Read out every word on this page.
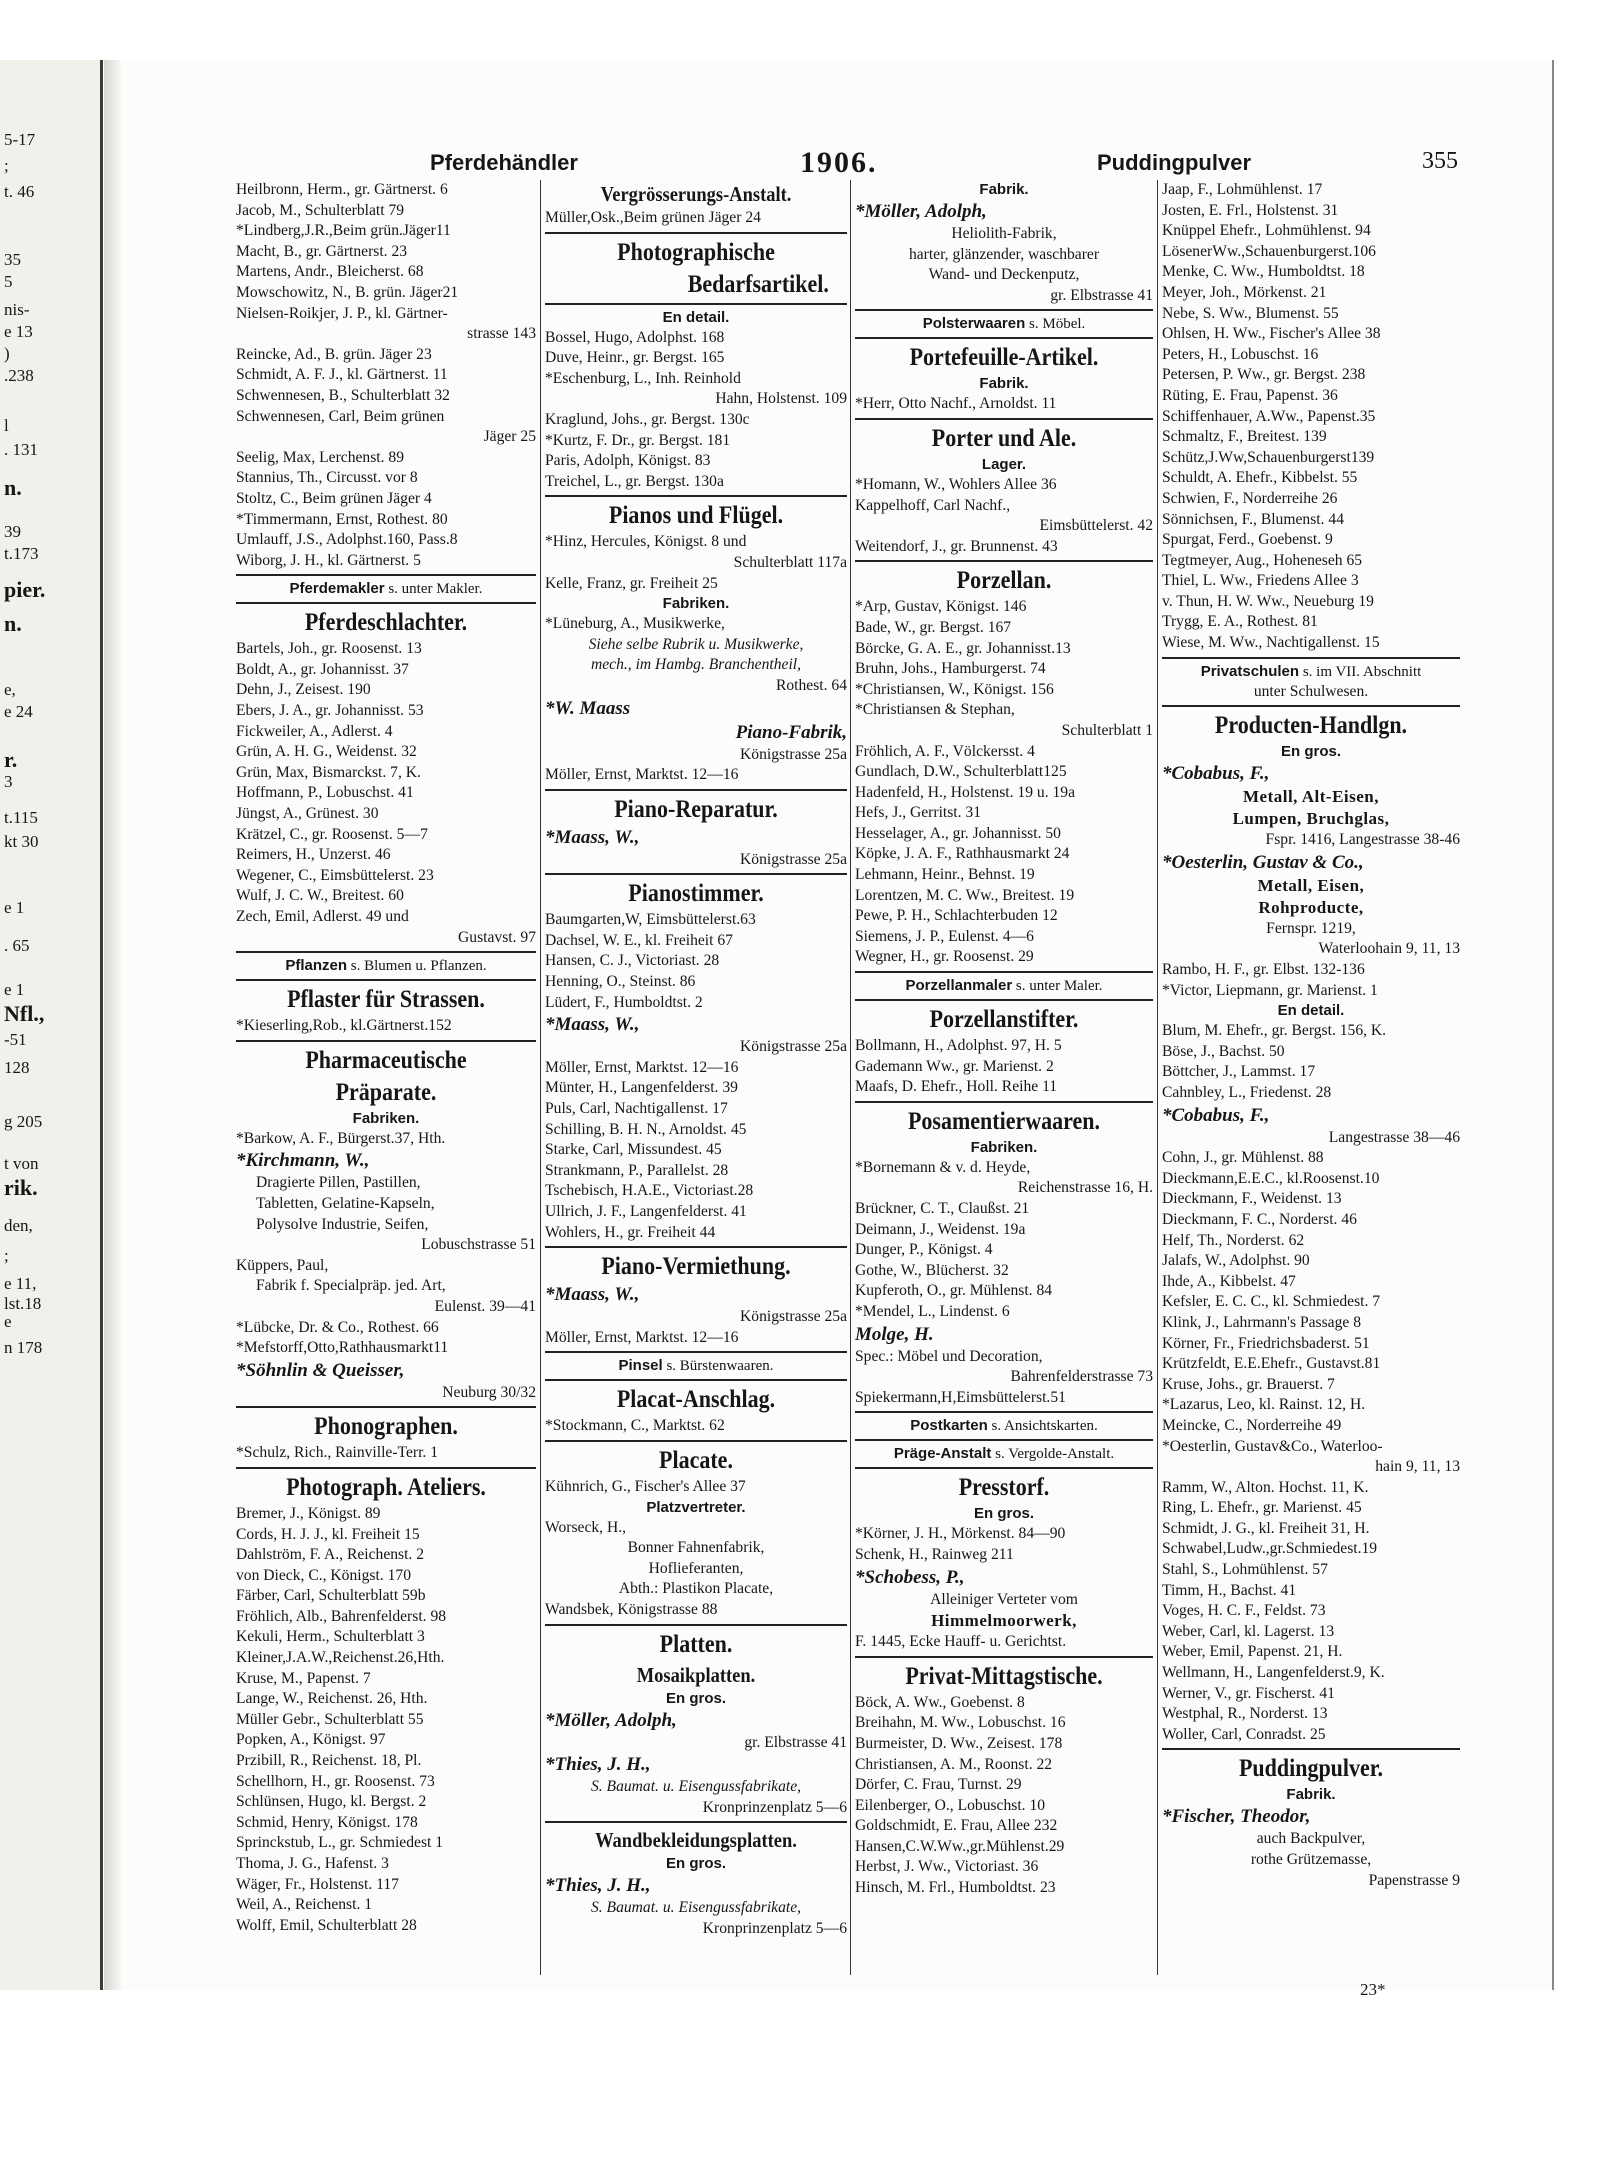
5-17
;
t. 46
35
5
nis-
e 13
)
.238
l
. 131
n.
39
t.173
pier.
n.
e,
e 24
r.
3
t.115
kt 30
e 1
. 65
e 1
Nfl.,
-51
128
g 205
t von
rik.
den,
;
e 11,
lst.18
e
n 178
Pferdehändler	1906.	Puddingpulver	355
Heilbronn, Herm., gr. Gärtnerst. 6
Jacob, M., Schulterblatt 79
*Lindberg,J.R.,Beim grün.Jäger11
Macht, B., gr. Gärtnerst. 23
Martens, Andr., Bleicherst. 68
Mowschowitz, N., B. grün. Jäger21
Nielsen-Roikjer, J. P., kl. Gärtner-
strasse 143
Reincke, Ad., B. grün. Jäger 23
Schmidt, A. F. J., kl. Gärtnerst. 11
Schwennesen, B., Schulterblatt 32
Schwennesen, Carl, Beim grünen
Jäger 25
Seelig, Max, Lerchenst. 89
Stannius, Th., Circusst. vor 8
Stoltz, C., Beim grünen Jäger 4
*Timmermann, Ernst, Rothest. 80
Umlauff, J.S., Adolphst.160, Pass.8
Wiborg, J. H., kl. Gärtnerst. 5
Pferdemakler s. unter Makler.
Pferdeschlachter.
Bartels, Joh., gr. Roosenst. 13
Boldt, A., gr. Johannisst. 37
Dehn, J., Zeisest. 190
Ebers, J. A., gr. Johannisst. 53
Fickweiler, A., Adlerst. 4
Grün, A. H. G., Weidenst. 32
Grün, Max, Bismarckst. 7, K.
Hoffmann, P., Lobuschst. 41
Jüngst, A., Grünest. 30
Krätzel, C., gr. Roosenst. 5—7
Reimers, H., Unzerst. 46
Wegener, C., Eimsbüttelerst. 23
Wulf, J. C. W., Breitest. 60
Zech, Emil, Adlerst. 49 und
Gustavst. 97
Pflanzen s. Blumen u. Pflanzen.
Pflaster für Strassen.
*Kieserling,Rob., kl.Gärtnerst.152
Pharmaceutische
Präparate.
Fabriken.
*Barkow, A. F., Bürgerst.37, Hth.
*Kirchmann, W.,
Dragierte Pillen, Pastillen,
Tabletten, Gelatine-Kapseln,
Polysolve Industrie, Seifen,
Lobuschstrasse 51
Küppers, Paul,
Fabrik f. Specialpräp. jed. Art,
Eulenst. 39—41
*Lübcke, Dr. & Co., Rothest. 66
*Mefstorff,Otto,Rathhausmarkt11
*Söhnlin & Queisser,
Neuburg 30/32
Phonographen.
*Schulz, Rich., Rainville-Terr. 1
Photograph. Ateliers.
Bremer, J., Königst. 89
Cords, H. J. J., kl. Freiheit 15
Dahlström, F. A., Reichenst. 2
von Dieck, C., Königst. 170
Färber, Carl, Schulterblatt 59b
Fröhlich, Alb., Bahrenfelderst. 98
Kekuli, Herm., Schulterblatt 3
Kleiner,J.A.W.,Reichenst.26,Hth.
Kruse, M., Papenst. 7
Lange, W., Reichenst. 26, Hth.
Müller Gebr., Schulterblatt 55
Popken, A., Königst. 97
Przibill, R., Reichenst. 18, Pl.
Schellhorn, H., gr. Roosenst. 73
Schlünsen, Hugo, kl. Bergst. 2
Schmid, Henry, Königst. 178
Sprinckstub, L., gr. Schmiedest 1
Thoma, J. G., Hafenst. 3
Wäger, Fr., Holstenst. 117
Weil, A., Reichenst. 1
Wolff, Emil, Schulterblatt 28
Vergrösserungs-Anstalt.
Müller,Osk.,Beim grünen Jäger 24
Photographische
Bedarfsartikel.
En detail.
Bossel, Hugo, Adolphst. 168
Duve, Heinr., gr. Bergst. 165
*Eschenburg, L., Inh. Reinhold
Hahn, Holstenst. 109
Kraglund, Johs., gr. Bergst. 130c
*Kurtz, F. Dr., gr. Bergst. 181
Paris, Adolph, Königst. 83
Treichel, L., gr. Bergst. 130a
Pianos und Flügel.
*Hinz, Hercules, Königst. 8 und
Schulterblatt 117a
Kelle, Franz, gr. Freiheit 25
Fabriken.
*Lüneburg, A., Musikwerke,
Siehe selbe Rubrik u. Musikwerke,
mech., im Hambg. Branchentheil,
Rothest. 64
*W. Maass
Piano-Fabrik,
Königstrasse 25a
Möller, Ernst, Marktst. 12—16
Piano-Reparatur.
*Maass, W.,
Königstrasse 25a
Pianostimmer.
Baumgarten,W, Eimsbüttelerst.63
Dachsel, W. E., kl. Freiheit 67
Hansen, C. J., Victoriast. 28
Henning, O., Steinst. 86
Lüdert, F., Humboldtst. 2
*Maass, W.,
Königstrasse 25a
Möller, Ernst, Marktst. 12—16
Münter, H., Langenfelderst. 39
Puls, Carl, Nachtigallenst. 17
Schilling, B. H. N., Arnoldst. 45
Starke, Carl, Missundest. 45
Strankmann, P., Parallelst. 28
Tschebisch, H.A.E., Victoriast.28
Ullrich, J. F., Langenfelderst. 41
Wohlers, H., gr. Freiheit 44
Piano-Vermiethung.
*Maass, W.,
Königstrasse 25a
Möller, Ernst, Marktst. 12—16
Pinsel s. Bürstenwaaren.
Placat-Anschlag.
*Stockmann, C., Marktst. 62
Placate.
Kühnrich, G., Fischer's Allee 37
Platzvertreter.
Worseck, H.,
Bonner Fahnenfabrik,
Hoflieferanten,
Abth.: Plastikon Placate,
Wandsbek, Königstrasse 88
Platten.
Mosaikplatten.
En gros.
*Möller, Adolph,
gr. Elbstrasse 41
*Thies, J. H.,
S. Baumat. u. Eisengussfabrikate,
Kronprinzenplatz 5—6
Wandbekleidungsplatten.
En gros.
*Thies, J. H.,
S. Baumat. u. Eisengussfabrikate,
Kronprinzenplatz 5—6
Fabrik.
*Möller, Adolph,
Heliolith-Fabrik,
harter, glänzender, waschbarer
Wand- und Deckenputz,
gr. Elbstrasse 41
Polsterwaaren s. Möbel.
Portefeuille-Artikel.
Fabrik.
*Herr, Otto Nachf., Arnoldst. 11
Porter und Ale.
Lager.
*Homann, W., Wohlers Allee 36
Kappelhoff, Carl Nachf.,
Eimsbüttelerst. 42
Weitendorf, J., gr. Brunnenst. 43
Porzellan.
*Arp, Gustav, Königst. 146
Bade, W., gr. Bergst. 167
Börcke, G. A. E., gr. Johannisst.13
Bruhn, Johs., Hamburgerst. 74
*Christiansen, W., Königst. 156
*Christiansen & Stephan,
Schulterblatt 1
Fröhlich, A. F., Völckersst. 4
Gundlach, D.W., Schulterblatt125
Hadenfeld, H., Holstenst. 19 u. 19a
Hefs, J., Gerritst. 31
Hesselager, A., gr. Johannisst. 50
Köpke, J. A. F., Rathhausmarkt 24
Lehmann, Heinr., Behnst. 19
Lorentzen, M. C. Ww., Breitest. 19
Pewe, P. H., Schlachterbuden 12
Siemens, J. P., Eulenst. 4—6
Wegner, H., gr. Roosenst. 29
Porzellanmaler s. unter Maler.
Porzellanstifter.
Bollmann, H., Adolphst. 97, H. 5
Gademann Ww., gr. Marienst. 2
Maafs, D. Ehefr., Holl. Reihe 11
Posamentierwaaren.
Fabriken.
*Bornemann & v. d. Heyde,
Reichenstrasse 16, H.
Brückner, C. T., Claußst. 21
Deimann, J., Weidenst. 19a
Dunger, P., Königst. 4
Gothe, W., Blücherst. 32
Kupferoth, O., gr. Mühlenst. 84
*Mendel, L., Lindenst. 6
Molge, H.
Spec.: Möbel und Decoration,
Bahrenfelderstrasse 73
Spiekermann,H,Eimsbüttelerst.51
Postkarten s. Ansichtskarten.
Präge-Anstalt s. Vergolde-Anstalt.
Presstorf.
En gros.
*Körner, J. H., Mörkenst. 84—90
Schenk, H., Rainweg 211
*Schobess, P.,
Alleiniger Verteter vom
Himmelmoorwerk,
F. 1445, Ecke Hauff- u. Gerichtst.
Privat-Mittagstische.
Böck, A. Ww., Goebenst. 8
Breihahn, M. Ww., Lobuschst. 16
Burmeister, D. Ww., Zeisest. 178
Christiansen, A. M., Roonst. 22
Dörfer, C. Frau, Turnst. 29
Eilenberger, O., Lobuschst. 10
Goldschmidt, E. Frau, Allee 232
Hansen,C.W.Ww.,gr.Mühlenst.29
Herbst, J. Ww., Victoriast. 36
Hinsch, M. Frl., Humboldtst. 23
Jaap, F., Lohmühlenst. 17
Josten, E. Frl., Holstenst. 31
Knüppel Ehefr., Lohmühlenst. 94
LösenerWw.,Schauenburgerst.106
Menke, C. Ww., Humboldtst. 18
Meyer, Joh., Mörkenst. 21
Nebe, S. Ww., Blumenst. 55
Ohlsen, H. Ww., Fischer's Allee 38
Peters, H., Lobuschst. 16
Petersen, P. Ww., gr. Bergst. 238
Rüting, E. Frau, Papenst. 36
Schiffenhauer, A.Ww., Papenst.35
Schmaltz, F., Breitest. 139
Schütz,J.Ww,Schauenburgerst139
Schuldt, A. Ehefr., Kibbelst. 55
Schwien, F., Norderreihe 26
Sönnichsen, F., Blumenst. 44
Spurgat, Ferd., Goebenst. 9
Tegtmeyer, Aug., Hoheneseh 65
Thiel, L. Ww., Friedens Allee 3
v. Thun, H. W. Ww., Neueburg 19
Trygg, E. A., Rothest. 81
Wiese, M. Ww., Nachtigallenst. 15
Privatschulen s. im VII. Abschnitt
unter Schulwesen.
Producten-Handlgn.
En gros.
*Cobabus, F.,
Metall, Alt-Eisen,
Lumpen, Bruchglas,
Fspr. 1416, Langestrasse 38-46
*Oesterlin, Gustav & Co.,
Metall, Eisen,
Rohproducte,
Fernspr. 1219,
Waterloohain 9, 11, 13
Rambo, H. F., gr. Elbst. 132-136
*Victor, Liepmann, gr. Marienst. 1
En detail.
Blum, M. Ehefr., gr. Bergst. 156, K.
Böse, J., Bachst. 50
Böttcher, J., Lammst. 17
Cahnbley, L., Friedenst. 28
*Cobabus, F.,
Langestrasse 38—46
Cohn, J., gr. Mühlenst. 88
Dieckmann,E.E.C., kl.Roosenst.10
Dieckmann, F., Weidenst. 13
Dieckmann, F. C., Norderst. 46
Helf, Th., Norderst. 62
Jalafs, W., Adolphst. 90
Ihde, A., Kibbelst. 47
Kefsler, E. C. C., kl. Schmiedest. 7
Klink, J., Lahrmann's Passage 8
Körner, Fr., Friedrichsbaderst. 51
Krützfeldt, E.E.Ehefr., Gustavst.81
Kruse, Johs., gr. Brauerst. 7
*Lazarus, Leo, kl. Rainst. 12, H.
Meincke, C., Norderreihe 49
*Oesterlin, Gustav&Co., Waterloo-
hain 9, 11, 13
Ramm, W., Alton. Hochst. 11, K.
Ring, L. Ehefr., gr. Marienst. 45
Schmidt, J. G., kl. Freiheit 31, H.
Schwabel,Ludw.,gr.Schmiedest.19
Stahl, S., Lohmühlenst. 57
Timm, H., Bachst. 41
Voges, H. C. F., Feldst. 73
Weber, Carl, kl. Lagerst. 13
Weber, Emil, Papenst. 21, H.
Wellmann, H., Langenfelderst.9, K.
Werner, V., gr. Fischerst. 41
Westphal, R., Norderst. 13
Woller, Carl, Conradst. 25
Puddingpulver.
Fabrik.
*Fischer, Theodor,
auch Backpulver,
rothe Grützemasse,
Papenstrasse 9
23*
